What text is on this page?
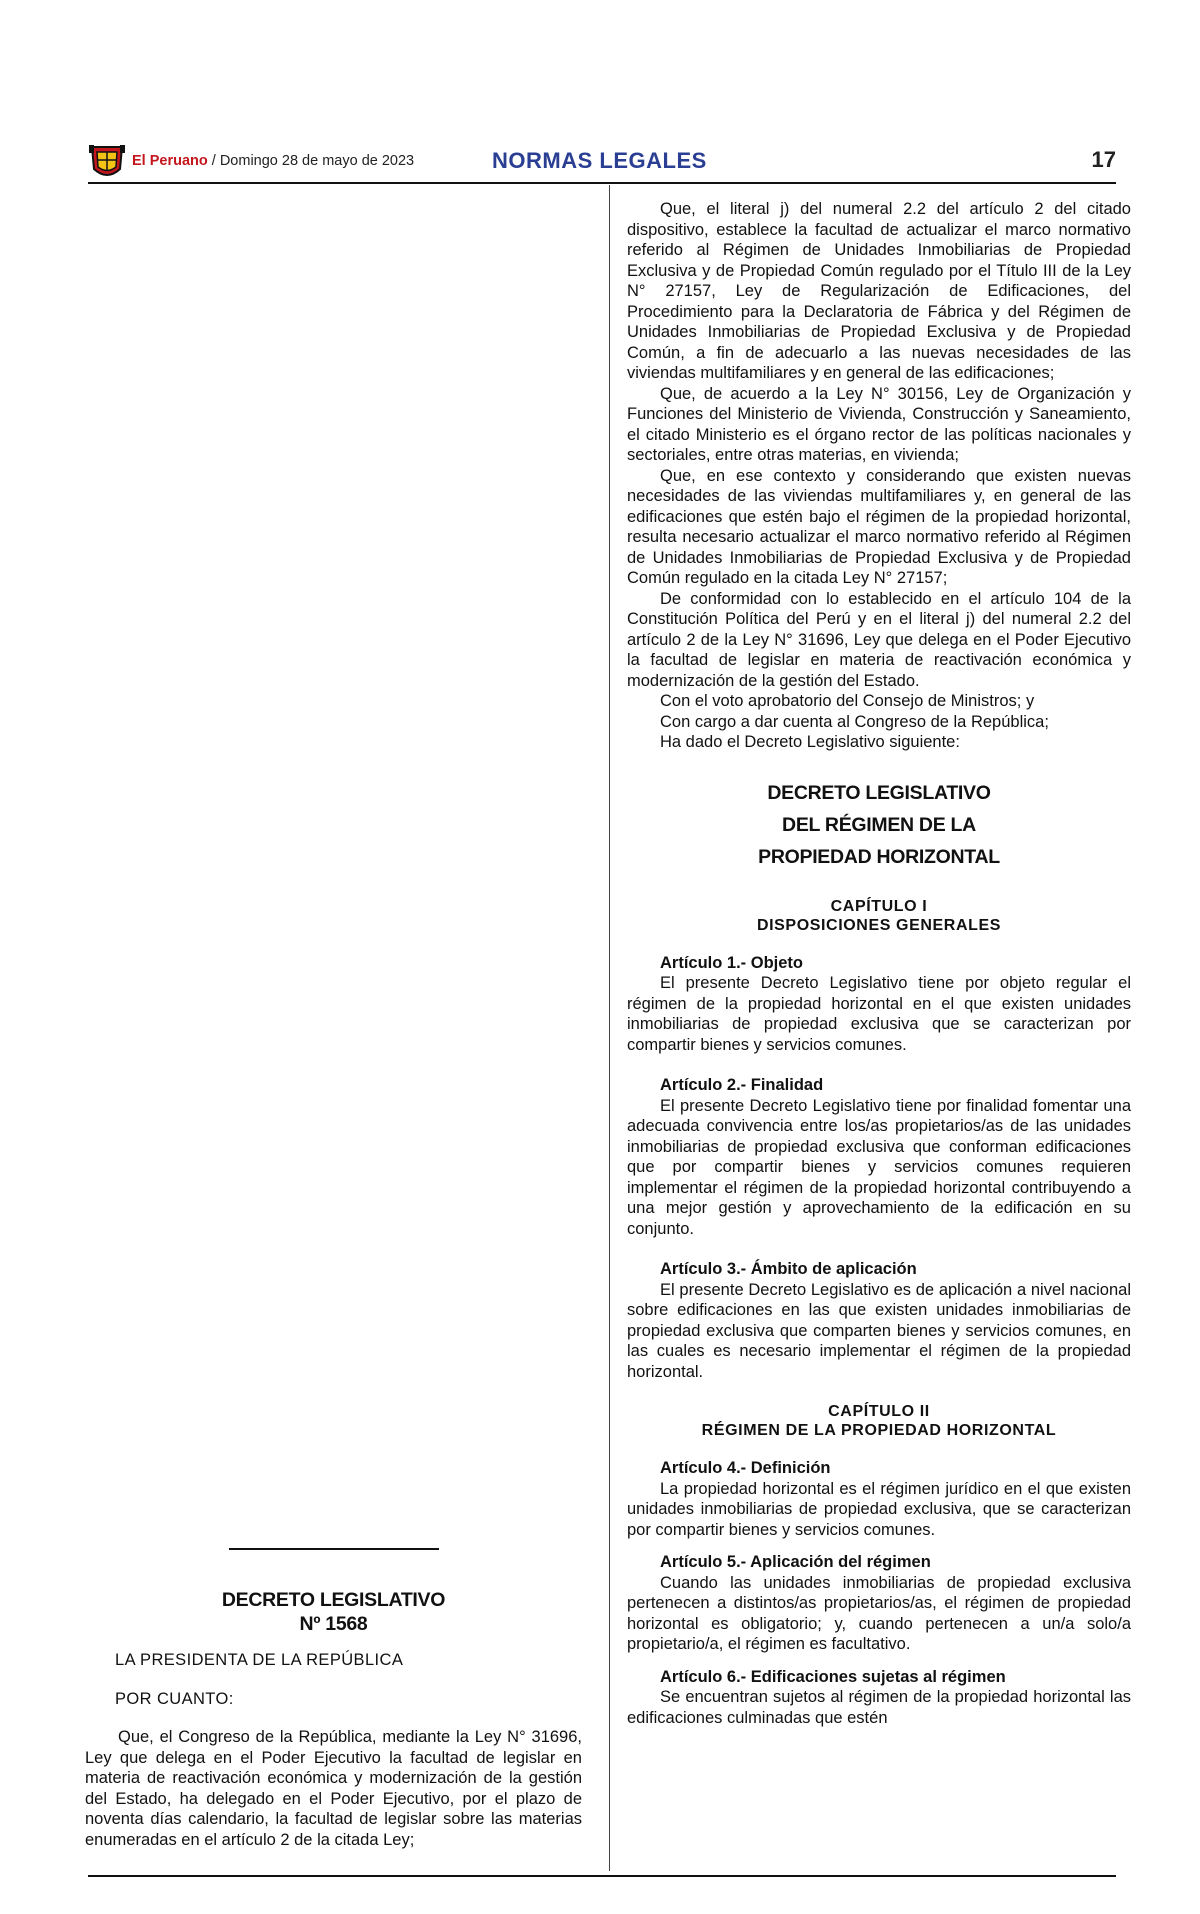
El Peruano / Domingo 28 de mayo de 2023	NORMAS LEGALES	17
DECRETO LEGISLATIVO
Nº 1568

LA PRESIDENTA DE LA REPÚBLICA

POR CUANTO:

Que, el Congreso de la República, mediante la Ley N° 31696, Ley que delega en el Poder Ejecutivo la facultad de legislar en materia de reactivación económica y modernización de la gestión del Estado, ha delegado en el Poder Ejecutivo, por el plazo de noventa días calendario, la facultad de legislar sobre las materias enumeradas en el artículo 2 de la citada Ley;

Que, el literal j) del numeral 2.2 del artículo 2 del citado dispositivo, establece la facultad de actualizar el marco normativo referido al Régimen de Unidades Inmobiliarias de Propiedad Exclusiva y de Propiedad Común regulado por el Título III de la Ley N° 27157, Ley de Regularización de Edificaciones, del Procedimiento para la Declaratoria de Fábrica y del Régimen de Unidades Inmobiliarias de Propiedad Exclusiva y de Propiedad Común, a fin de adecuarlo a las nuevas necesidades de las viviendas multifamiliares y en general de las edificaciones;

Que, de acuerdo a la Ley N° 30156, Ley de Organización y Funciones del Ministerio de Vivienda, Construcción y Saneamiento, el citado Ministerio es el órgano rector de las políticas nacionales y sectoriales, entre otras materias, en vivienda;

Que, en ese contexto y considerando que existen nuevas necesidades de las viviendas multifamiliares y, en general de las edificaciones que estén bajo el régimen de la propiedad horizontal, resulta necesario actualizar el marco normativo referido al Régimen de Unidades Inmobiliarias de Propiedad Exclusiva y de Propiedad Común regulado en la citada Ley N° 27157;

De conformidad con lo establecido en el artículo 104 de la Constitución Política del Perú y en el literal j) del numeral 2.2 del artículo 2 de la Ley N° 31696, Ley que delega en el Poder Ejecutivo la facultad de legislar en materia de reactivación económica y modernización de la gestión del Estado.

Con el voto aprobatorio del Consejo de Ministros; y

Con cargo a dar cuenta al Congreso de la República;

Ha dado el Decreto Legislativo siguiente:

DECRETO LEGISLATIVO
DEL RÉGIMEN DE LA
PROPIEDAD HORIZONTAL
CAPÍTULO I
DISPOSICIONES GENERALES

Artículo 1.- Objeto

El presente Decreto Legislativo tiene por objeto regular el régimen de la propiedad horizontal en el que existen unidades inmobiliarias de propiedad exclusiva que se caracterizan por compartir bienes y servicios comunes.

Artículo 2.- Finalidad

El presente Decreto Legislativo tiene por finalidad fomentar una adecuada convivencia entre los/as propietarios/as de las unidades inmobiliarias de propiedad exclusiva que conforman edificaciones que por compartir bienes y servicios comunes requieren implementar el régimen de la propiedad horizontal contribuyendo a una mejor gestión y aprovechamiento de la edificación en su conjunto.

Artículo 3.- Ámbito de aplicación

El presente Decreto Legislativo es de aplicación a nivel nacional sobre edificaciones en las que existen unidades inmobiliarias de propiedad exclusiva que comparten bienes y servicios comunes, en las cuales es necesario implementar el régimen de la propiedad horizontal.

CAPÍTULO II
RÉGIMEN DE LA PROPIEDAD HORIZONTAL

Artículo 4.- Definición

La propiedad horizontal es el régimen jurídico en el que existen unidades inmobiliarias de propiedad exclusiva, que se caracterizan por compartir bienes y servicios comunes.

Artículo 5.- Aplicación del régimen

Cuando las unidades inmobiliarias de propiedad exclusiva pertenecen a distintos/as propietarios/as, el régimen de propiedad horizontal es obligatorio; y, cuando pertenecen a un/a solo/a propietario/a, el régimen es facultativo.

Artículo 6.- Edificaciones sujetas al régimen

Se encuentran sujetos al régimen de la propiedad horizontal las edificaciones culminadas que estén
